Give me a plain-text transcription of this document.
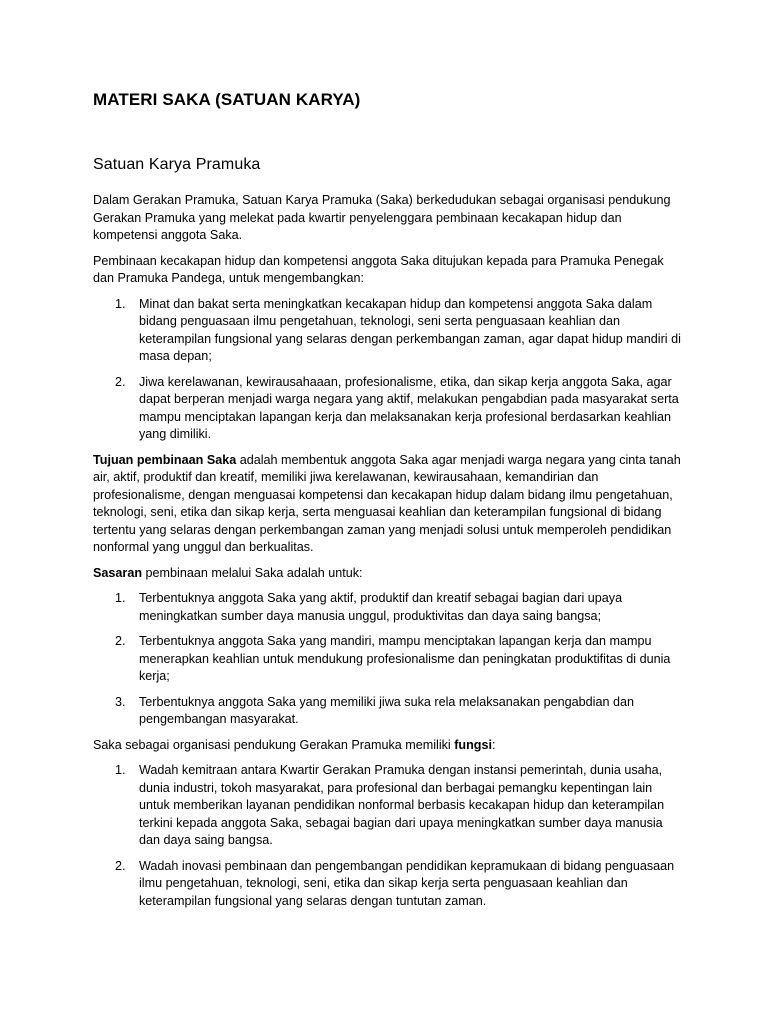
MATERI SAKA (SATUAN KARYA)
Satuan Karya Pramuka

Dalam Gerakan Pramuka, Satuan Karya Pramuka (Saka) berkedudukan sebagai organisasi pendukung Gerakan Pramuka yang melekat pada kwartir penyelenggara pembinaan kecakapan hidup dan kompetensi anggota Saka.

Pembinaan kecakapan hidup dan kompetensi anggota Saka ditujukan kepada para Pramuka Penegak dan Pramuka Pandega, untuk mengembangkan:

1. Minat dan bakat serta meningkatkan kecakapan hidup dan kompetensi anggota Saka dalam bidang penguasaan ilmu pengetahuan, teknologi, seni serta penguasaan keahlian dan keterampilan fungsional yang selaras dengan perkembangan zaman, agar dapat hidup mandiri di masa depan;
2. Jiwa kerelawanan, kewirausahaaan, profesionalisme, etika, dan sikap kerja anggota Saka, agar dapat berperan menjadi warga negara yang aktif, melakukan pengabdian pada masyarakat serta mampu menciptakan lapangan kerja dan melaksanakan kerja profesional berdasarkan keahlian yang dimiliki.

Tujuan pembinaan Saka adalah membentuk anggota Saka agar menjadi warga negara yang cinta tanah air, aktif, produktif dan kreatif, memiliki jiwa kerelawanan, kewirausahaan, kemandirian dan profesionalisme, dengan menguasai kompetensi dan kecakapan hidup dalam bidang ilmu pengetahuan, teknologi, seni, etika dan sikap kerja, serta menguasai keahlian dan keterampilan fungsional di bidang tertentu yang selaras dengan perkembangan zaman yang menjadi solusi untuk memperoleh pendidikan nonformal yang unggul dan berkualitas.

Sasaran pembinaan melalui Saka adalah untuk:

1. Terbentuknya anggota Saka yang aktif, produktif dan kreatif sebagai bagian dari upaya meningkatkan sumber daya manusia unggul, produktivitas dan daya saing bangsa;
2. Terbentuknya anggota Saka yang mandiri, mampu menciptakan lapangan kerja dan mampu menerapkan keahlian untuk mendukung profesionalisme dan peningkatan produktifitas di dunia kerja;
3. Terbentuknya anggota Saka yang memiliki jiwa suka rela melaksanakan pengabdian dan pengembangan masyarakat.

Saka sebagai organisasi pendukung Gerakan Pramuka memiliki fungsi:

1. Wadah kemitraan antara Kwartir Gerakan Pramuka dengan instansi pemerintah, dunia usaha, dunia industri, tokoh masyarakat, para profesional dan berbagai pemangku kepentingan lain untuk memberikan layanan pendidikan nonformal berbasis kecakapan hidup dan keterampilan terkini kepada anggota Saka, sebagai bagian dari upaya meningkatkan sumber daya manusia dan daya saing bangsa.
2. Wadah inovasi pembinaan dan pengembangan pendidikan kepramukaan di bidang penguasaan ilmu pengetahuan, teknologi, seni, etika dan sikap kerja serta penguasaan keahlian dan keterampilan fungsional yang selaras dengan tuntutan zaman.
